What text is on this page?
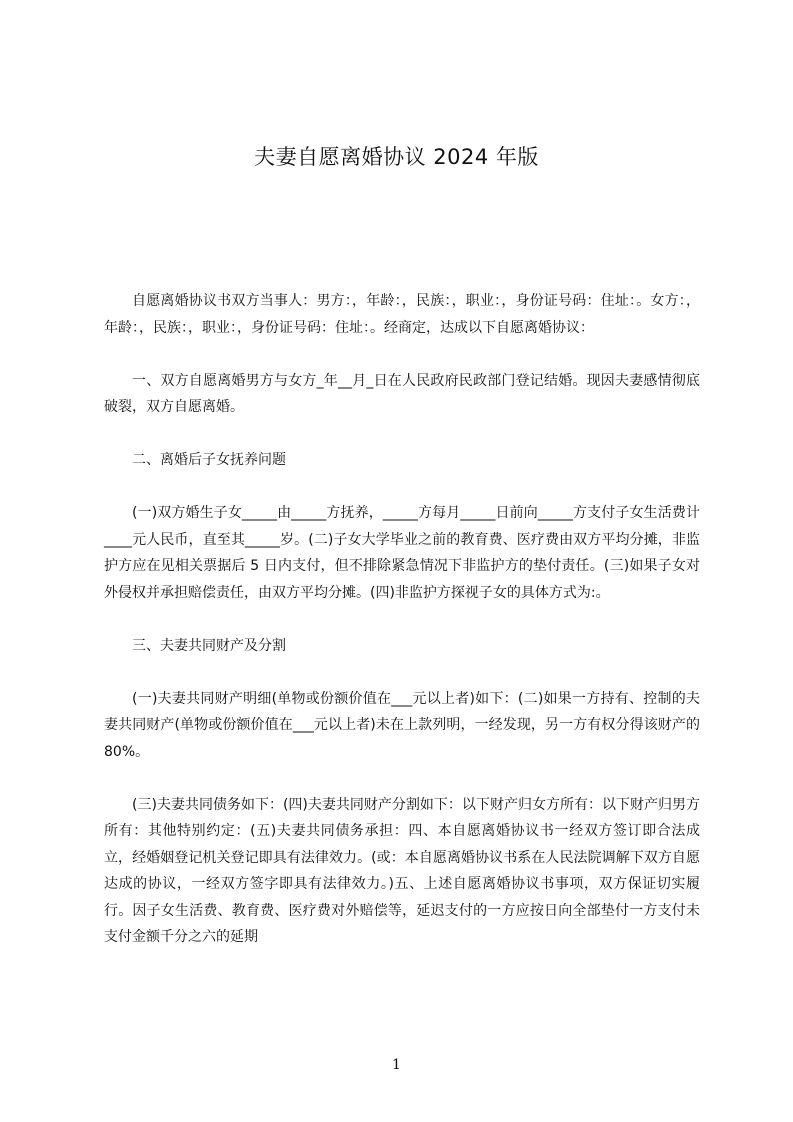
夫妻自愿离婚协议 2024 年版

自愿离婚协议书双方当事人：男方：，年龄：，民族：，职业：，身份证号码：住址：。女方：，年龄：，民族：，职业：，身份证号码：住址：。经商定，达成以下自愿离婚协议：

一、双方自愿离婚男方与女方_年__月_日在人民政府民政部门登记结婚。现因夫妻感情彻底破裂，双方自愿离婚。

二、离婚后子女抚养问题

(一)双方婚生子女_____由_____方抚养，_____方每月_____日前向_____方支付子女生活费计____元人民币，直至其_____岁。(二)子女大学毕业之前的教育费、医疗费由双方平均分摊，非监护方应在见相关票据后 5 日内支付，但不排除紧急情况下非监护方的垫付责任。(三)如果子女对外侵权并承担赔偿责任，由双方平均分摊。(四)非监护方探视子女的具体方式为:。

三、夫妻共同财产及分割

(一)夫妻共同财产明细(单物或份额价值在___元以上者)如下：(二)如果一方持有、控制的夫妻共同财产(单物或份额价值在___元以上者)未在上款列明，一经发现，另一方有权分得该财产的 80%。

(三)夫妻共同债务如下：(四)夫妻共同财产分割如下：以下财产归女方所有：以下财产归男方所有：其他特别约定：(五)夫妻共同债务承担：四、本自愿离婚协议书一经双方签订即合法成立，经婚姻登记机关登记即具有法律效力。(或：本自愿离婚协议书系在人民法院调解下双方自愿达成的协议，一经双方签字即具有法律效力。)五、上述自愿离婚协议书事项，双方保证切实履行。因子女生活费、教育费、医疗费对外赔偿等，延迟支付的一方应按日向全部垫付一方支付未支付金额千分之六的延期

1
